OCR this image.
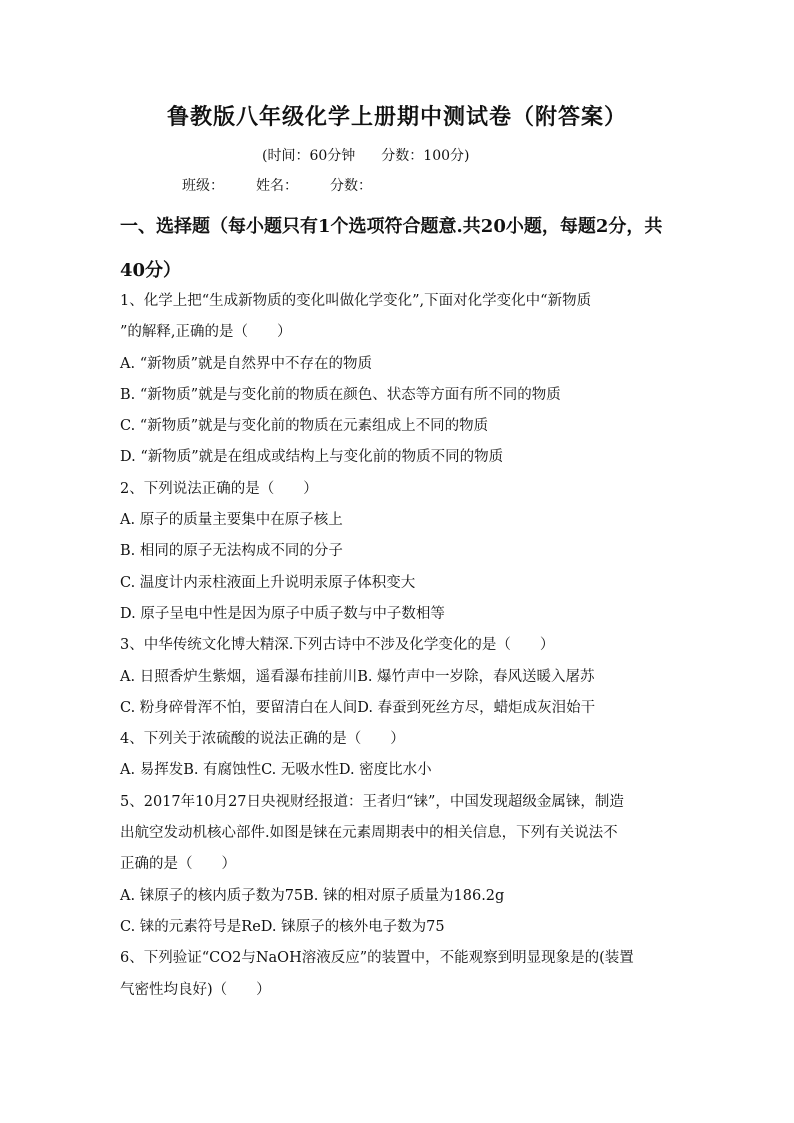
鲁教版八年级化学上册期中测试卷（附答案）
(时间：60分钟 分数：100分)
班级： 姓名： 分数：
一、选择题（每小题只有1个选项符合题意.共20小题，每题2分，共40分）
1、化学上把“生成新物质的变化叫做化学变化”,下面对化学变化中“新物质
”的解释,正确的是（　　）
A. “新物质”就是自然界中不存在的物质
B. “新物质”就是与变化前的物质在颜色、状态等方面有所不同的物质
C. “新物质”就是与变化前的物质在元素组成上不同的物质
D. “新物质”就是在组成或结构上与变化前的物质不同的物质
2、下列说法正确的是（　　）
A. 原子的质量主要集中在原子核上
B. 相同的原子无法构成不同的分子
C. 温度计内汞柱液面上升说明汞原子体积变大
D. 原子呈电中性是因为原子中质子数与中子数相等
3、中华传统文化博大精深.下列古诗中不涉及化学变化的是（　　）
A. 日照香炉生紫烟，遥看瀑布挂前川B. 爆竹声中一岁除，春风送暖入屠苏
C. 粉身碎骨浑不怕，要留清白在人间D. 春蚕到死丝方尽，蜡炬成灰泪始干
4、下列关于浓硫酸的说法正确的是（　　）
A. 易挥发B. 有腐蚀性C. 无吸水性D. 密度比水小
5、2017年10月27日央视财经报道：王者归“铼”，中国发现超级金属铼，制造
出航空发动机核心部件.如图是铼在元素周期表中的相关信息，下列有关说法不
正确的是（　　）
A. 铼原子的核内质子数为75B. 铼的相对原子质量为186.2g
C. 铼的元素符号是ReD. 铼原子的核外电子数为75
6、下列验证“CO2与NaOH溶液反应”的装置中，不能观察到明显现象是的(装置
气密性均良好)（　　）
